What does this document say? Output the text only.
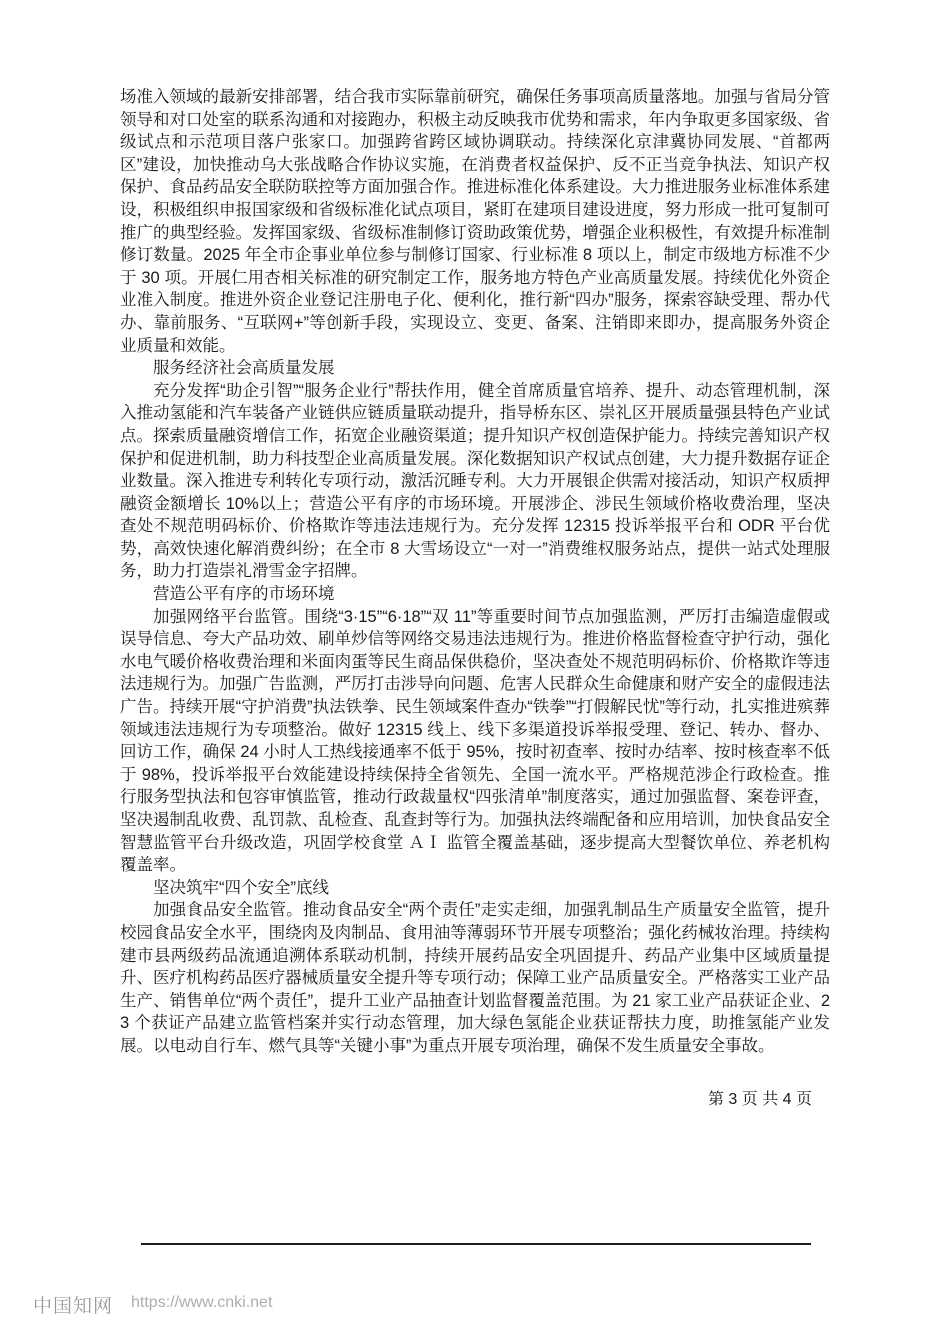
场准入领域的最新安排部署，结合我市实际靠前研究，确保任务事项高质量落地。加强与省局分管领导和对口处室的联系沟通和对接跑办，积极主动反映我市优势和需求，年内争取更多国家级、省级试点和示范项目落户张家口。加强跨省跨区域协调联动。持续深化京津冀协同发展、“首都两区”建设，加快推动乌大张战略合作协议实施，在消费者权益保护、反不正当竞争执法、知识产权保护、食品药品安全联防联控等方面加强合作。推进标准化体系建设。大力推进服务业标准体系建设，积极组织申报国家级和省级标准化试点项目，紧盯在建项目建设进度，努力形成一批可复制可推广的典型经验。发挥国家级、省级标准制修订资助政策优势，增强企业积极性，有效提升标准制修订数量。2025 年全市企事业单位参与制修订国家、行业标准 8 项以上，制定市级地方标准不少于 30 项。开展仁用杏相关标准的研究制定工作，服务地方特色产业高质量发展。持续优化外资企业准入制度。推进外资企业登记注册电子化、便利化，推行新“四办”服务，探索容缺受理、帮办代办、靠前服务、“互联网+”等创新手段，实现设立、变更、备案、注销即来即办，提高服务外资企业质量和效能。

服务经济社会高质量发展

充分发挥“助企引智”“服务企业行”帮扶作用，健全首席质量官培养、提升、动态管理机制，深入推动氢能和汽车装备产业链供应链质量联动提升，指导桥东区、崇礼区开展质量强县特色产业试点。探索质量融资增信工作，拓宽企业融资渠道；提升知识产权创造保护能力。持续完善知识产权保护和促进机制，助力科技型企业高质量发展。深化数据知识产权试点创建，大力提升数据存证企业数量。深入推进专利转化专项行动，激活沉睡专利。大力开展银企供需对接活动，知识产权质押融资金额增长 10%以上；营造公平有序的市场环境。开展涉企、涉民生领域价格收费治理，坚决查处不规范明码标价、价格欺诈等违法违规行为。充分发挥 12315 投诉举报平台和 ODR 平台优势，高效快速化解消费纠纷；在全市 8 大雪场设立“一对一”消费维权服务站点，提供一站式处理服务，助力打造崇礼滑雪金字招牌。

营造公平有序的市场环境

加强网络平台监管。围绕“3·15”“6·18”“双 11”等重要时间节点加强监测，严厉打击编造虚假或误导信息、夸大产品功效、刷单炒信等网络交易违法违规行为。推进价格监督检查守护行动，强化水电气暖价格收费治理和米面肉蛋等民生商品保供稳价，坚决查处不规范明码标价、价格欺诈等违法违规行为。加强广告监测，严厉打击涉导向问题、危害人民群众生命健康和财产安全的虚假违法广告。持续开展“守护消费”执法铁拳、民生领域案件查办“铁拳”“打假解民忧”等行动，扎实推进殡葬领域违法违规行为专项整治。做好 12315 线上、线下多渠道投诉举报受理、登记、转办、督办、回访工作，确保 24 小时人工热线接通率不低于 95%，按时初查率、按时办结率、按时核查率不低于 98%，投诉举报平台效能建设持续保持全省领先、全国一流水平。严格规范涉企行政检查。推行服务型执法和包容审慎监管，推动行政裁量权“四张清单”制度落实，通过加强监督、案卷评查，坚决遏制乱收费、乱罚款、乱检查、乱查封等行为。加强执法终端配备和应用培训，加快食品安全智慧监管平台升级改造，巩固学校食堂 ＡＩ 监管全覆盖基础，逐步提高大型餐饮单位、养老机构覆盖率。

坚决筑牢“四个安全”底线

加强食品安全监管。推动食品安全“两个责任”走实走细，加强乳制品生产质量安全监管，提升校园食品安全水平，围绕肉及肉制品、食用油等薄弱环节开展专项整治；强化药械妆治理。持续构建市县两级药品流通追溯体系联动机制，持续开展药品安全巩固提升、药品产业集中区域质量提升、医疗机构药品医疗器械质量安全提升等专项行动；保障工业产品质量安全。严格落实工业产品生产、销售单位“两个责任”，提升工业产品抽查计划监督覆盖范围。为 21 家工业产品获证企业、23 个获证产品建立监管档案并实行动态管理，加大绿色氢能企业获证帮扶力度，助推氢能产业发展。以电动自行车、燃气具等“关键小事”为重点开展专项治理，确保不发生质量安全事故。

第 3 页 共 4 页
中国知网 https://www.cnki.net
